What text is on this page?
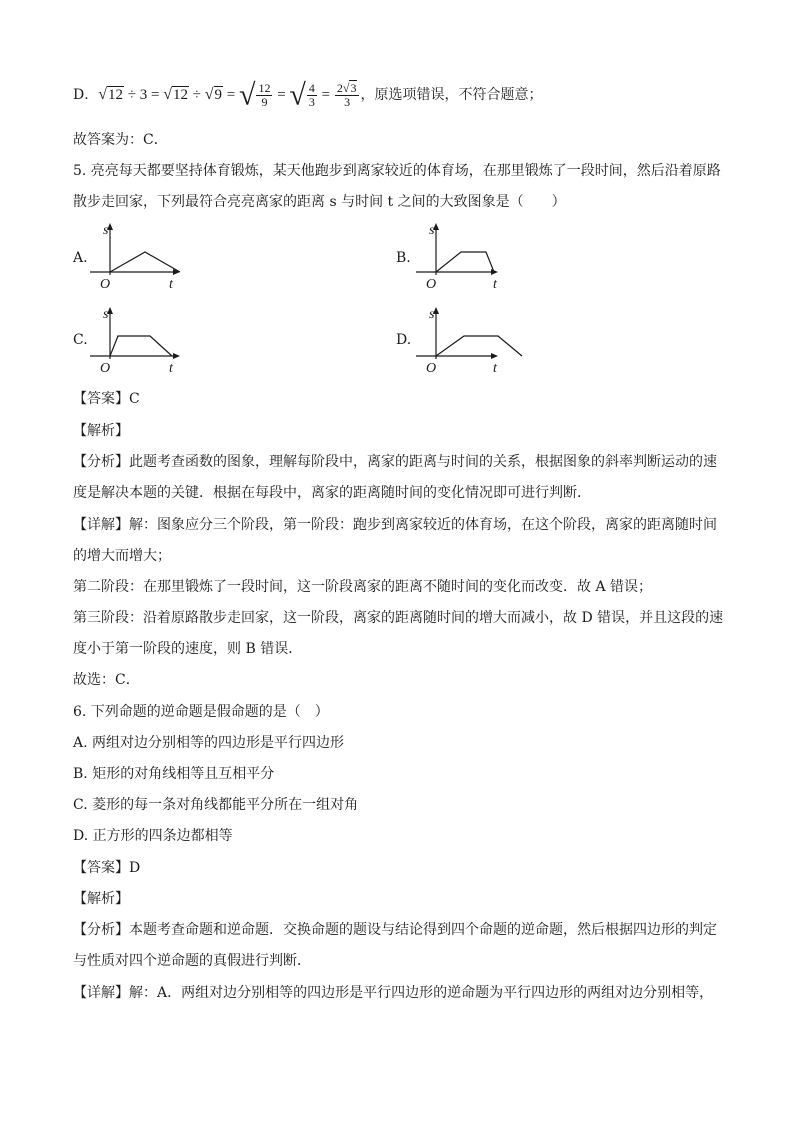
D．√12 ÷ 3 = √12 ÷ √9 = √ $\frac{12}{9}$ = √ $\frac{4}{3} = \frac{2√3}{3}$ ，原选项错误，不符合题意；
故答案为：C．
5. 亮亮每天都要坚持体育锻炼，某天他跑步到离家较近的体育场，在那里锻炼了一段时间，然后沿着原路
散步走回家，下列最符合亮亮离家的距离 s 与时间 t 之间的大致图象是（　　）
A.
s
O	t
B.
s
O	t
C.
s
O	t
D.
s
O	t
【答案】C
【解析】
【分析】此题考查函数的图象，理解每阶段中，离家的距离与时间的关系，根据图象的斜率判断运动的速
度是解决本题的关键．根据在每段中，离家的距离随时间的变化情况即可进行判断．
【详解】解：图象应分三个阶段，第一阶段：跑步到离家较近的体育场，在这个阶段，离家的距离随时间
的增大而增大；
第二阶段：在那里锻炼了一段时间，这一阶段离家的距离不随时间的变化而改变．故 A 错误；
第三阶段：沿着原路散步走回家，这一阶段，离家的距离随时间的增大而减小，故 D 错误，并且这段的速
度小于第一阶段的速度，则 B 错误．
故选：C．
6. 下列命题的逆命题是假命题的是（　）
A. 两组对边分别相等的四边形是平行四边形
B. 矩形的对角线相等且互相平分
C. 菱形的每一条对角线都能平分所在一组对角
D. 正方形的四条边都相等
【答案】D
【解析】
【分析】本题考查命题和逆命题．交换命题的题设与结论得到四个命题的逆命题，然后根据四边形的判定
与性质对四个逆命题的真假进行判断．
【详解】解：A．两组对边分别相等的四边形是平行四边形的逆命题为平行四边形的两组对边分别相等，
